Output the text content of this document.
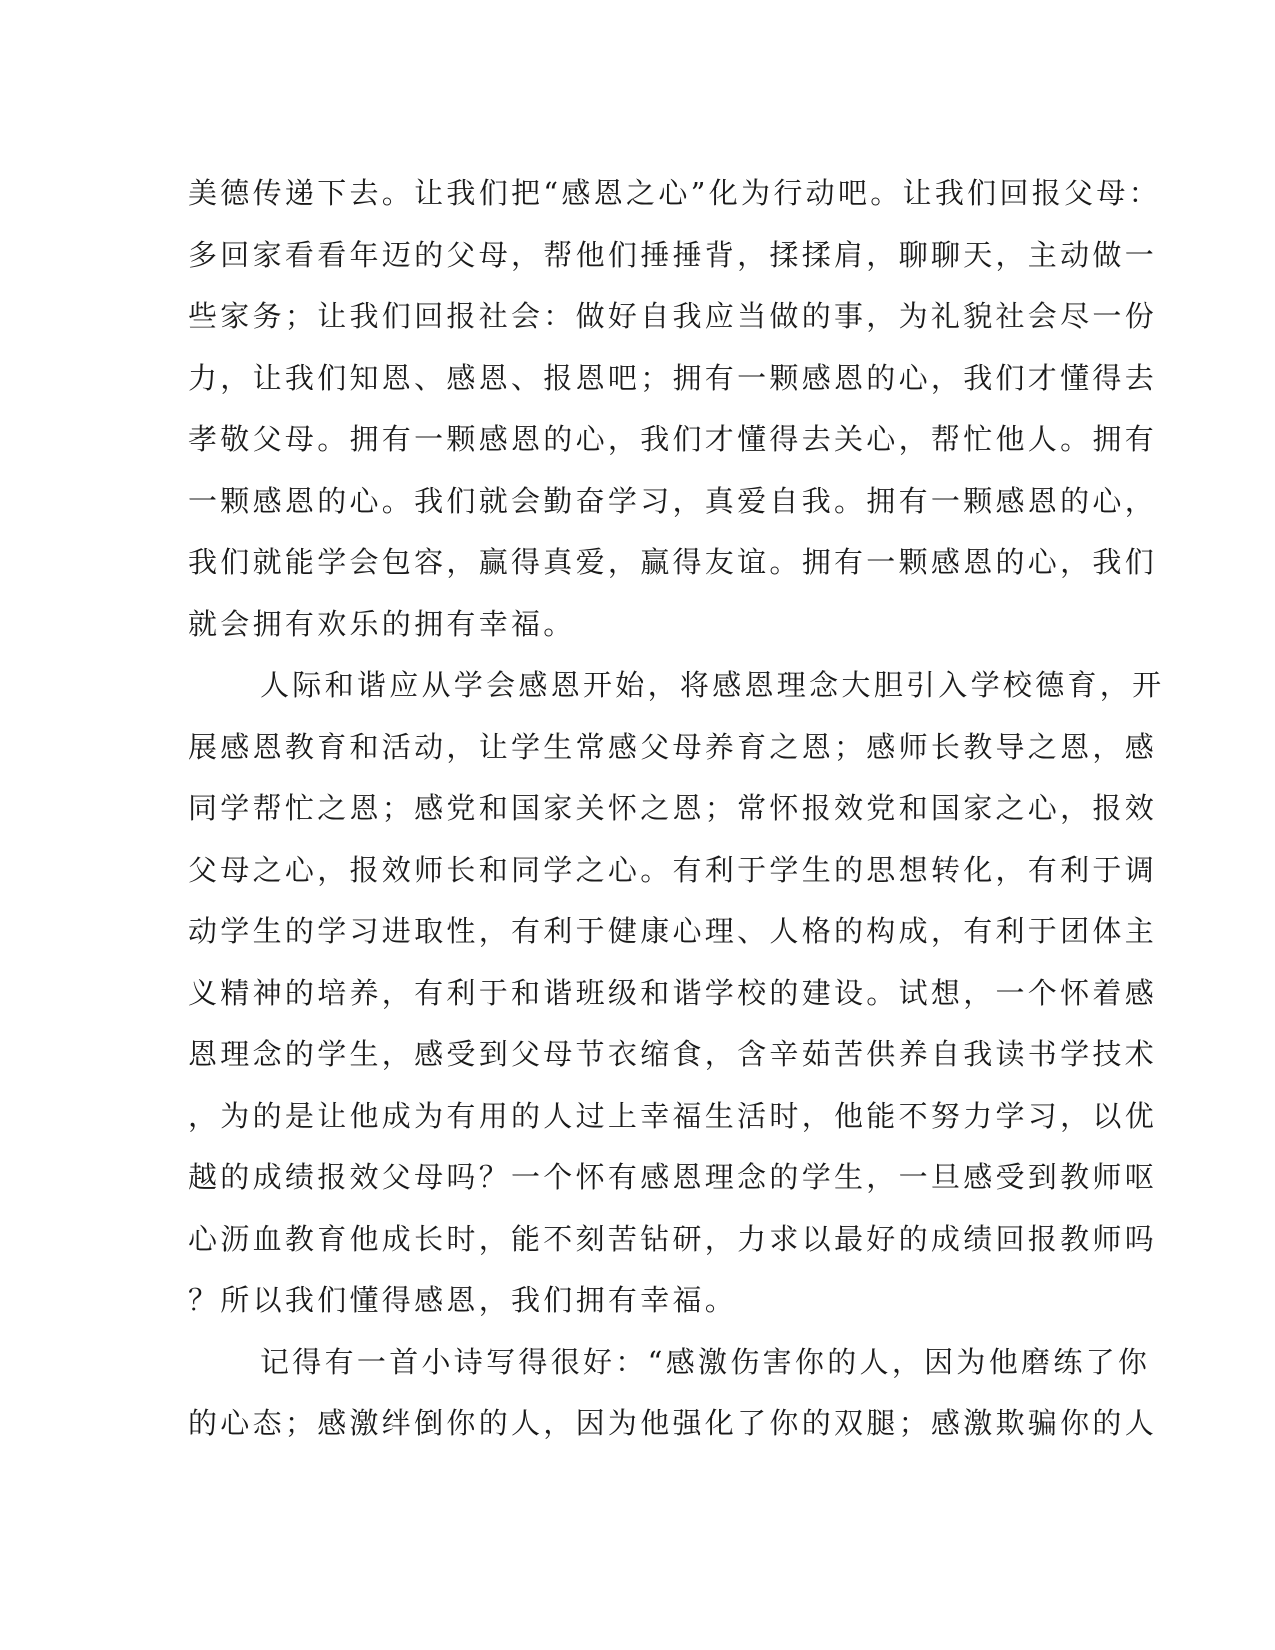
美德传递下去。让我们把“感恩之心”化为行动吧。让我们回报父母：
多回家看看年迈的父母，帮他们捶捶背，揉揉肩，聊聊天，主动做一
些家务；让我们回报社会：做好自我应当做的事，为礼貌社会尽一份
力，让我们知恩、感恩、报恩吧；拥有一颗感恩的心，我们才懂得去
孝敬父母。拥有一颗感恩的心，我们才懂得去关心，帮忙他人。拥有
一颗感恩的心。我们就会勤奋学习，真爱自我。拥有一颗感恩的心，
我们就能学会包容，赢得真爱，赢得友谊。拥有一颗感恩的心，我们
就会拥有欢乐的拥有幸福。
人际和谐应从学会感恩开始，将感恩理念大胆引入学校德育，开
展感恩教育和活动，让学生常感父母养育之恩；感师长教导之恩，感
同学帮忙之恩；感党和国家关怀之恩；常怀报效党和国家之心，报效
父母之心，报效师长和同学之心。有利于学生的思想转化，有利于调
动学生的学习进取性，有利于健康心理、人格的构成，有利于团体主
义精神的培养，有利于和谐班级和谐学校的建设。试想，一个怀着感
恩理念的学生，感受到父母节衣缩食，含辛茹苦供养自我读书学技术
，为的是让他成为有用的人过上幸福生活时，他能不努力学习，以优
越的成绩报效父母吗？一个怀有感恩理念的学生，一旦感受到教师呕
心沥血教育他成长时，能不刻苦钻研，力求以最好的成绩回报教师吗
？所以我们懂得感恩，我们拥有幸福。
记得有一首小诗写得很好：“感激伤害你的人，因为他磨练了你
的心态；感激绊倒你的人，因为他强化了你的双腿；感激欺骗你的人
